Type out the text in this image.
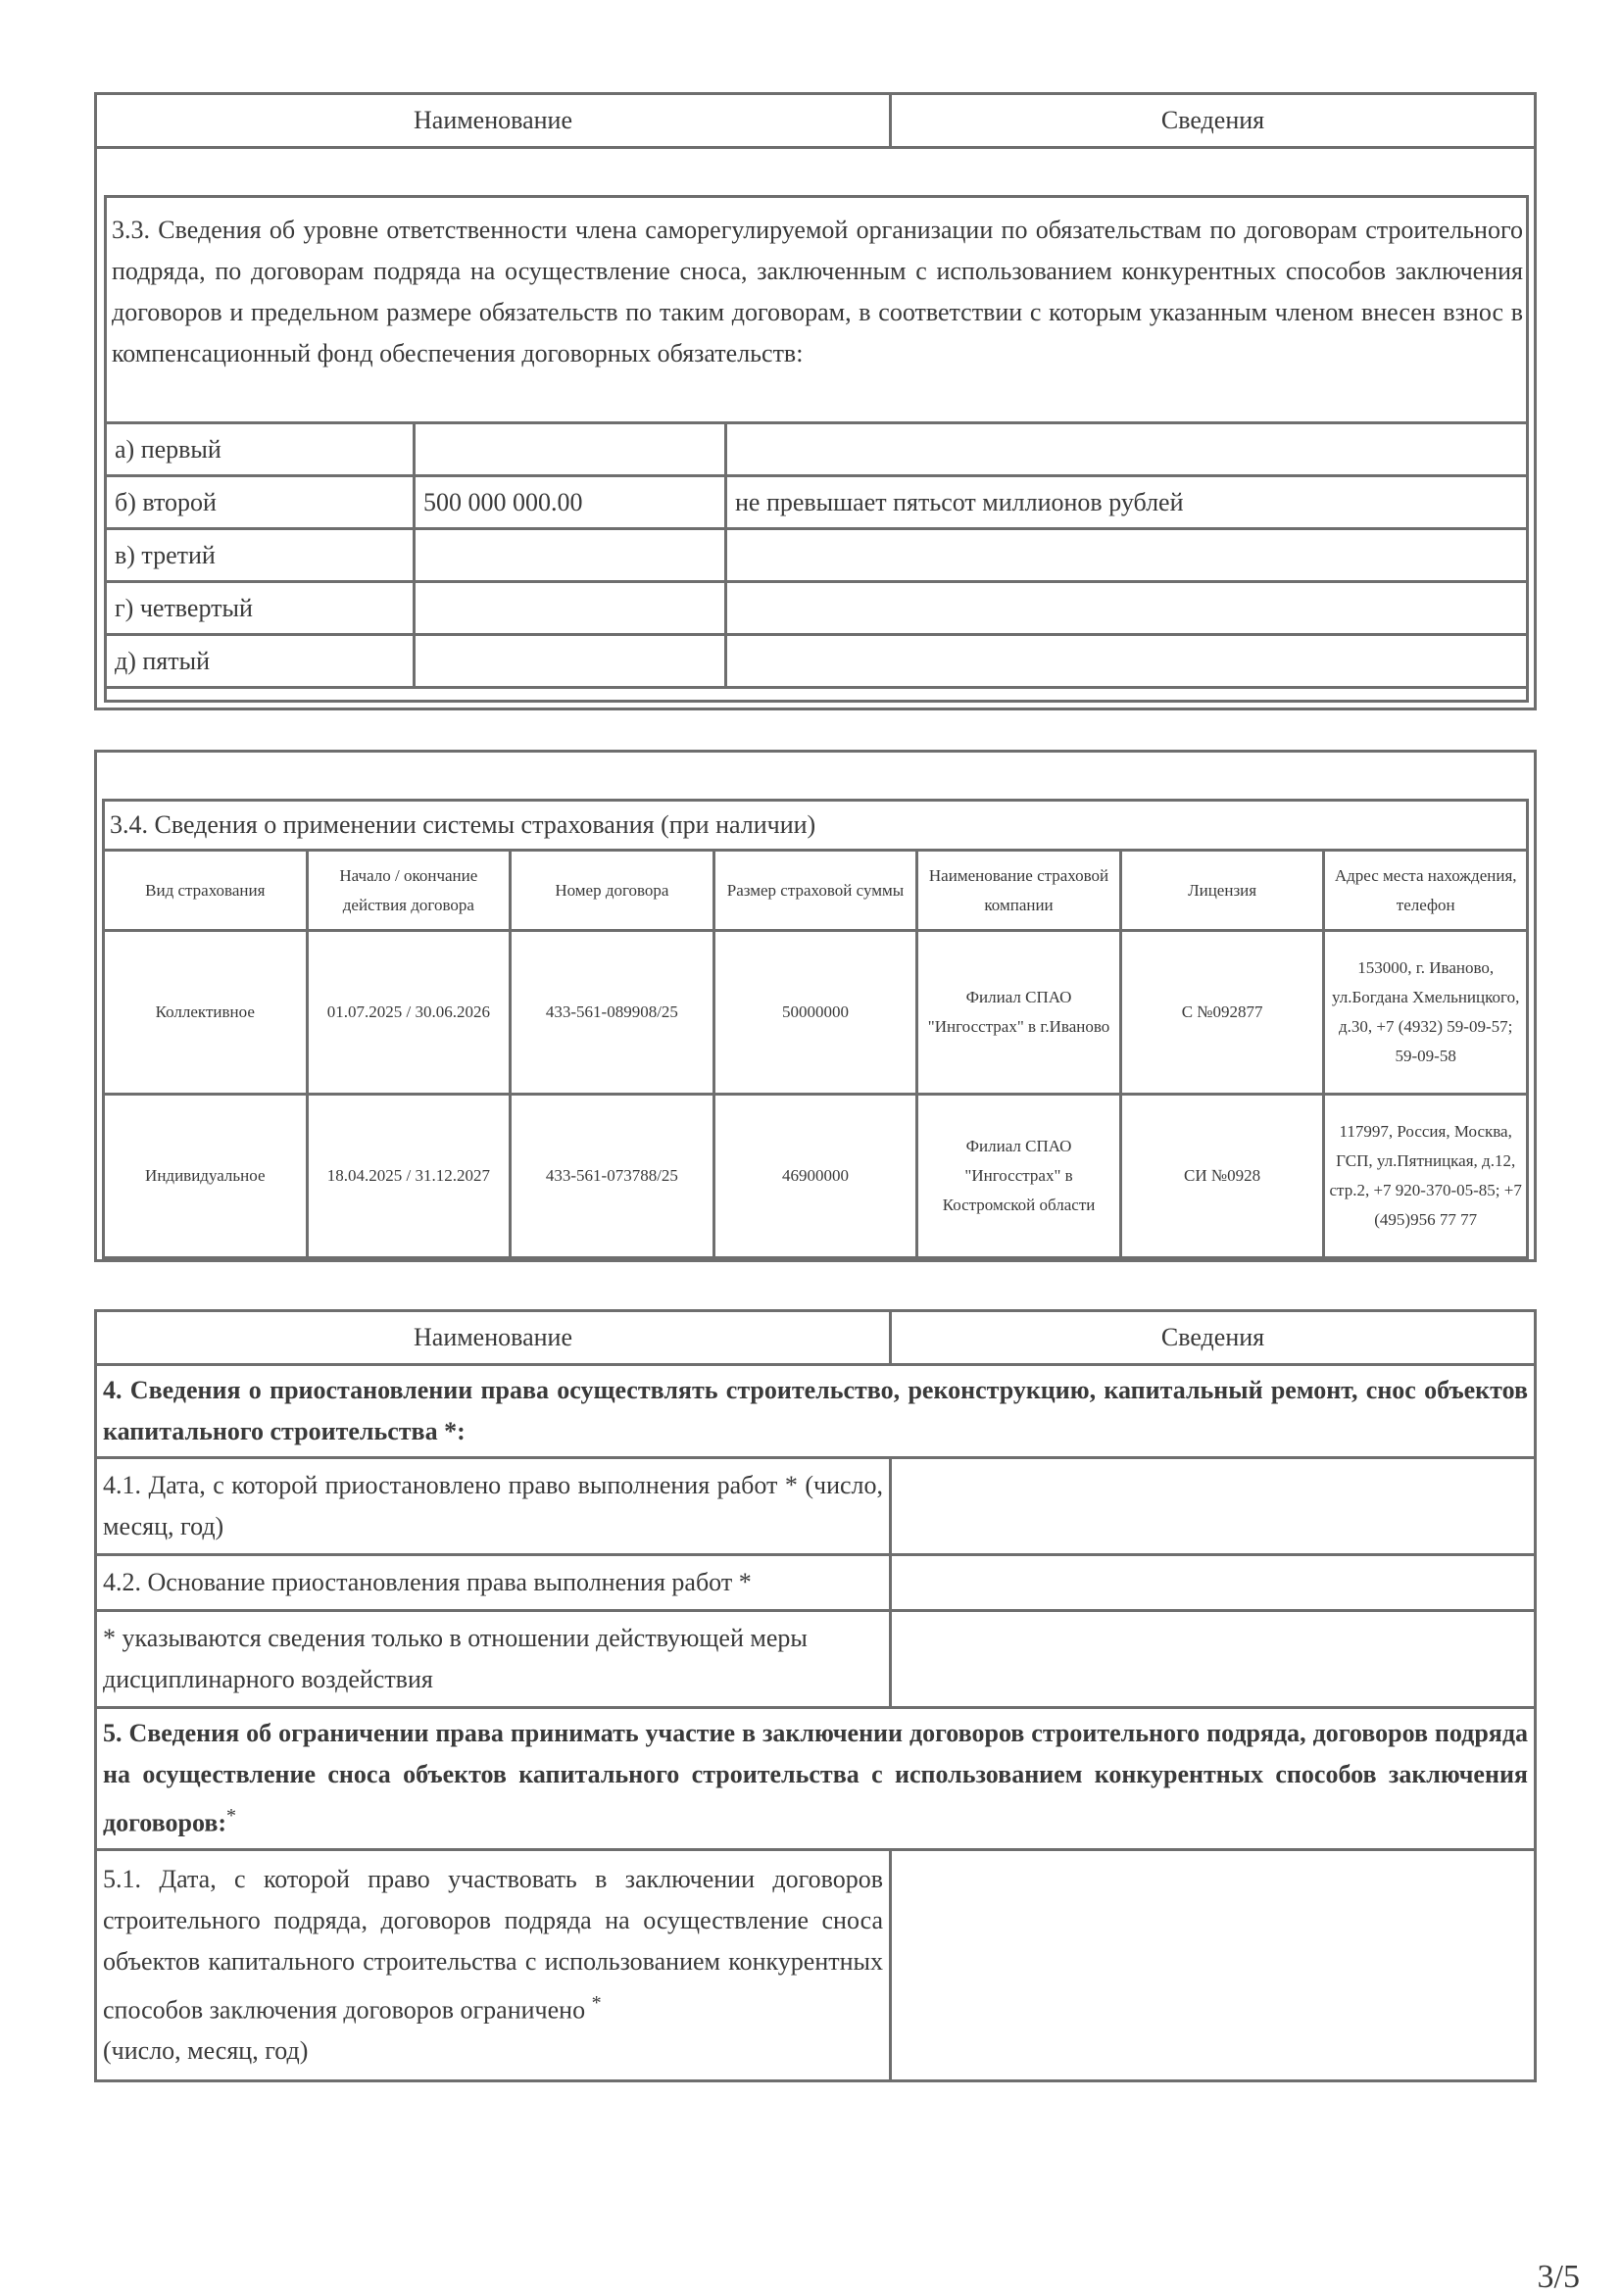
Наименование	Сведения
3.3. Сведения об уровне ответственности члена саморегулируемой организации по обязательствам по договорам строительного подряда, по договорам подряда на осуществление сноса, заключенным с использованием конкурентных способов заключения договоров и предельном размере обязательств по таким договорам, в соответствии с которым указанным членом внесен взнос в компенсационный фонд обеспечения договорных обязательств:
а) первый		
б) второй	500 000 000.00	не превышает пятьсот миллионов рублей
в) третий		
г) четвертый		
д) пятый		
3.4. Сведения о применении системы страхования (при наличии)
Вид страхования	Начало / окончание действия договора	Номер договора	Размер страховой суммы	Наименование страховой компании	Лицензия	Адрес места нахождения, телефон
Коллективное	01.07.2025 / 30.06.2026	433-561-089908/25	50000000	Филиал СПАО "Ингосстрах" в г.Иваново	С №092877	153000, г. Иваново, ул.Богдана Хмельницкого, д.30, +7 (4932) 59-09-57; 59-09-58
Индивидуальное	18.04.2025 / 31.12.2027	433-561-073788/25	46900000	Филиал СПАО "Ингосстрах" в Костромской области	СИ №0928	117997, Россия, Москва, ГСП, ул.Пятницкая, д.12, стр.2, +7 920-370-05-85; +7 (495)956 77 77
Наименование	Сведения
4. Сведения о приостановлении права осуществлять строительство, реконструкцию, капитальный ремонт, снос объектов капитального строительства *:	
4.1. Дата, с которой приостановлено право выполнения работ * (число, месяц, год)	
4.2. Основание приостановления права выполнения работ *	
* указываются сведения только в отношении действующей меры дисциплинарного воздействия	
5. Сведения об ограничении права принимать участие в заключении договоров строительного подряда, договоров подряда на осуществление сноса объектов капитального строительства с использованием конкурентных способов заключения договоров:*
5.1. Дата, с которой право участвовать в заключении договоров строительного подряда, договоров подряда на осуществление сноса объектов капитального строительства с использованием конкурентных способов заключения договоров ограничено *
(число, месяц, год)	
3/5
